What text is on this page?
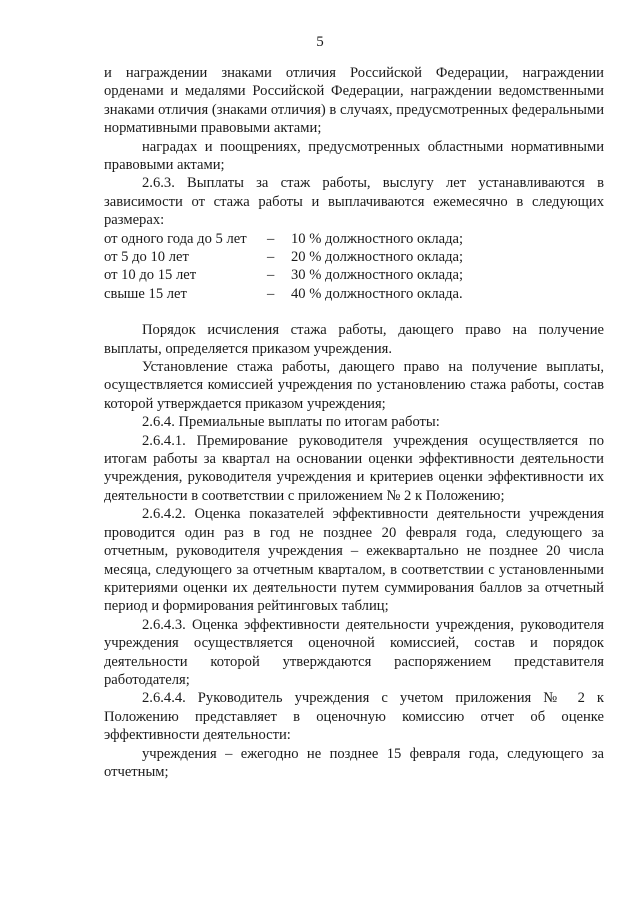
5

и награждении знаками отличия Российской Федерации, награждении орденами и медалями Российской Федерации, награждении ведомственными знаками отличия (знаками отличия) в случаях, предусмотренных федеральными нормативными правовыми актами;

наградах и поощрениях, предусмотренных областными нормативными правовыми актами;

2.6.3. Выплаты за стаж работы, выслугу лет устанавливаются в зависимости от стажа работы и выплачиваются ежемесячно в следующих размерах:

от одного года до 5 лет	–	10 % должностного оклада;
от 5 до 10 лет	–	20 % должностного оклада;
от 10 до 15 лет	–	30 % должностного оклада;
свыше 15 лет	–	40 % должностного оклада.

Порядок исчисления стажа работы, дающего право на получение выплаты, определяется приказом учреждения.

Установление стажа работы, дающего право на получение выплаты, осуществляется комиссией учреждения по установлению стажа работы, состав которой утверждается приказом учреждения;

2.6.4. Премиальные выплаты по итогам работы:

2.6.4.1. Премирование руководителя учреждения осуществляется по итогам работы за квартал на основании оценки эффективности деятельности учреждения, руководителя учреждения и критериев оценки эффективности их деятельности в соответствии с приложением № 2 к Положению;

2.6.4.2. Оценка показателей эффективности деятельности учреждения проводится один раз в год не позднее 20 февраля года, следующего за отчетным, руководителя учреждения – ежеквартально не позднее 20 числа месяца, следующего за отчетным кварталом, в соответствии с установленными критериями оценки их деятельности путем суммирования баллов за отчетный период и формирования рейтинговых таблиц;

2.6.4.3. Оценка эффективности деятельности учреждения, руководителя учреждения осуществляется оценочной комиссией, состав и порядок деятельности которой утверждаются распоряжением представителя работодателя;

2.6.4.4. Руководитель учреждения с учетом приложения № 2 к Положению представляет в оценочную комиссию отчет об оценке эффективности деятельности:

учреждения – ежегодно не позднее 15 февраля года, следующего за отчетным;
